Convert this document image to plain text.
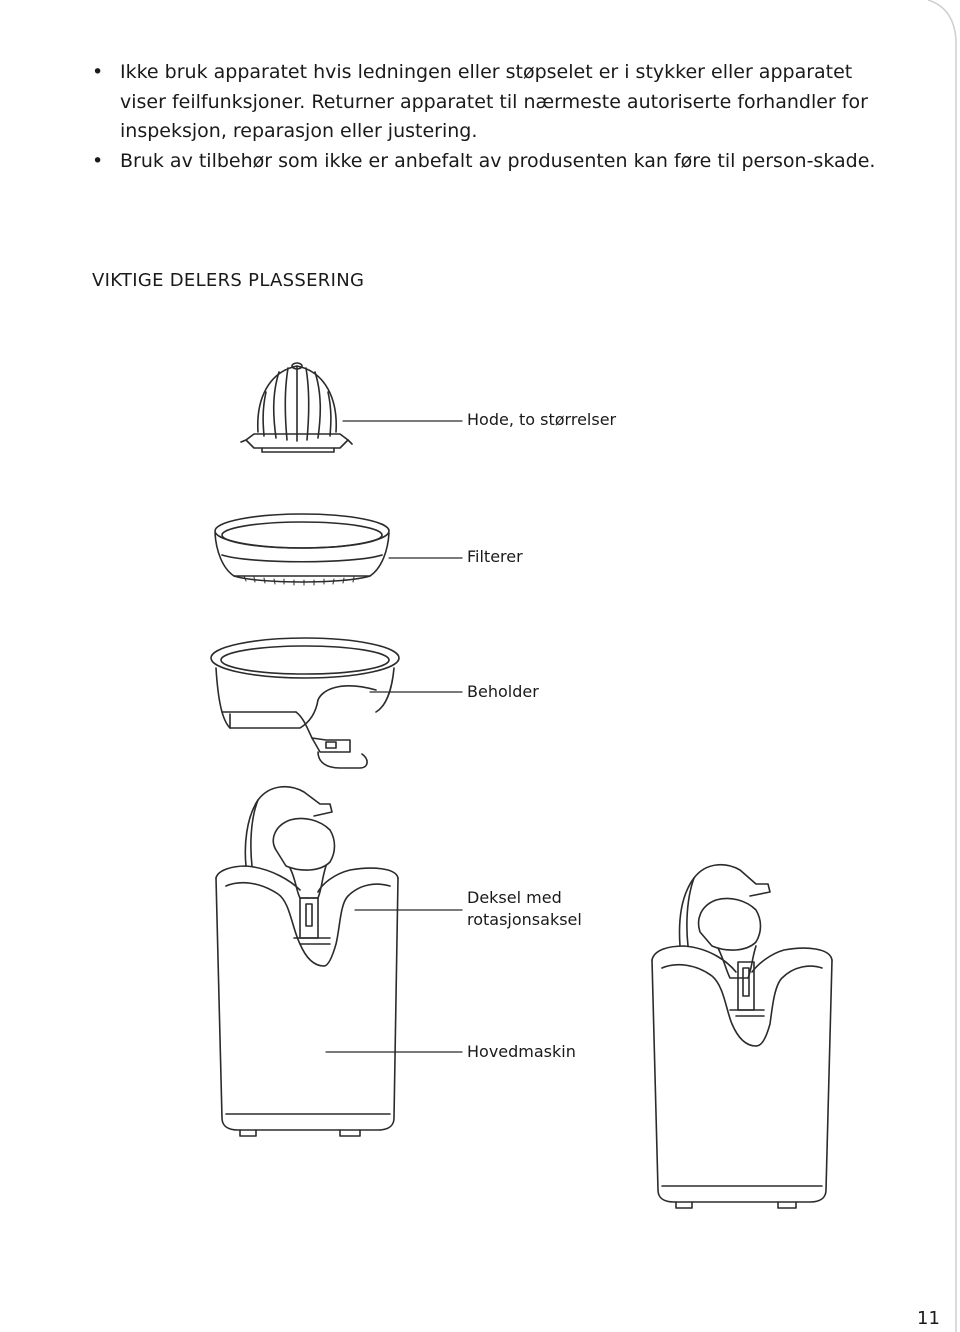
• Ikke bruk apparatet hvis ledningen eller støpselet er i stykker eller apparatet viser feilfunksjoner. Returner apparatet til nærmeste autoriserte forhandler for inspeksjon, reparasjon eller justering.
• Bruk av tilbehør som ikke er anbefalt av produsenten kan føre til person-skade.
VIKTIGE DELERS PLASSERING
Hode, to størrelser
Filterer
Beholder
Deksel med
rotasjonsaksel
Hovedmaskin
11
